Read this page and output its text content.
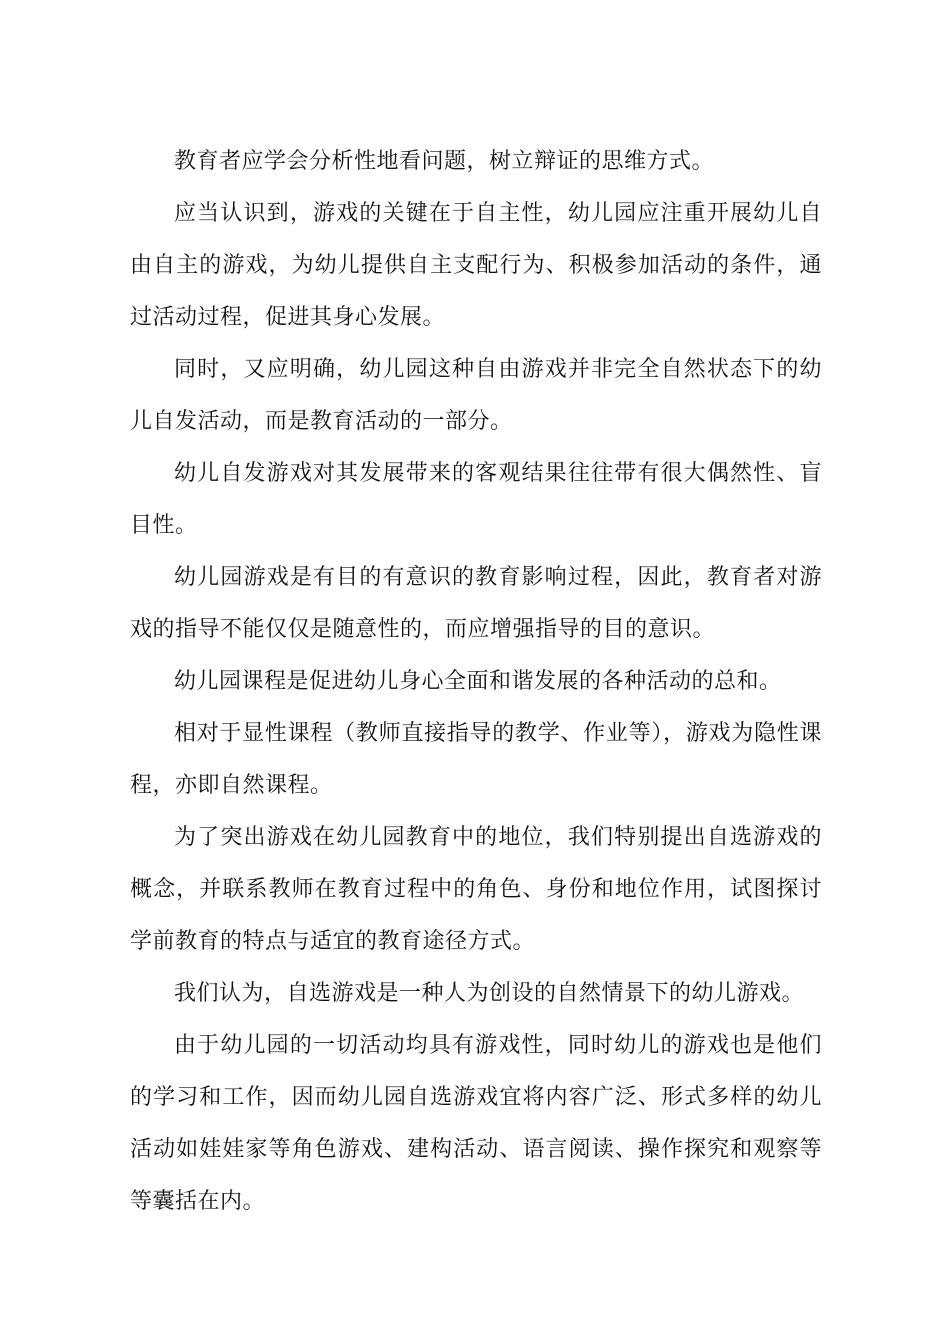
教育者应学会分析性地看问题，树立辩证的思维方式。

应当认识到，游戏的关键在于自主性，幼儿园应注重开展幼儿自由自主的游戏，为幼儿提供自主支配行为、积极参加活动的条件，通过活动过程，促进其身心发展。

同时，又应明确，幼儿园这种自由游戏并非完全自然状态下的幼儿自发活动，而是教育活动的一部分。

幼儿自发游戏对其发展带来的客观结果往往带有很大偶然性、盲目性。

幼儿园游戏是有目的有意识的教育影响过程，因此，教育者对游戏的指导不能仅仅是随意性的，而应增强指导的目的意识。

幼儿园课程是促进幼儿身心全面和谐发展的各种活动的总和。

相对于显性课程（教师直接指导的教学、作业等），游戏为隐性课程，亦即自然课程。

为了突出游戏在幼儿园教育中的地位，我们特别提出自选游戏的概念，并联系教师在教育过程中的角色、身份和地位作用，试图探讨学前教育的特点与适宜的教育途径方式。

我们认为，自选游戏是一种人为创设的自然情景下的幼儿游戏。

由于幼儿园的一切活动均具有游戏性，同时幼儿的游戏也是他们的学习和工作，因而幼儿园自选游戏宜将内容广泛、形式多样的幼儿活动如娃娃家等角色游戏、建构活动、语言阅读、操作探究和观察等等囊括在内。
